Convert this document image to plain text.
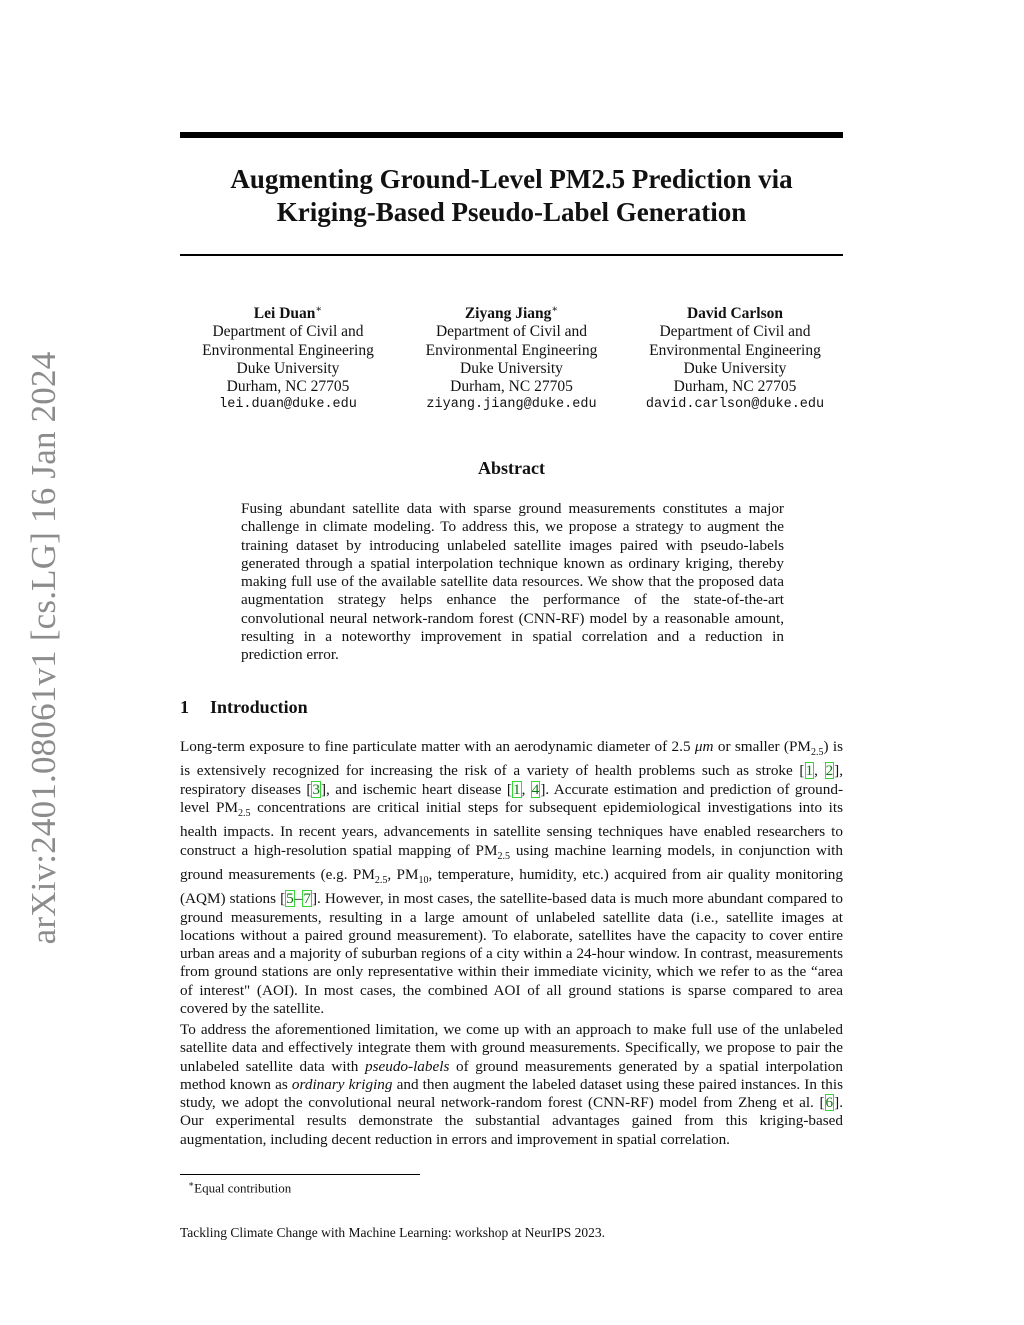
arXiv:2401.08061v1 [cs.LG] 16 Jan 2024
Augmenting Ground-Level PM2.5 Prediction via
Kriging-Based Pseudo-Label Generation
Lei Duan∗
Department of Civil and
Environmental Engineering
Duke University
Durham, NC 27705
lei.duan@duke.edu
Ziyang Jiang∗
Department of Civil and
Environmental Engineering
Duke University
Durham, NC 27705
ziyang.jiang@duke.edu
David Carlson
Department of Civil and
Environmental Engineering
Duke University
Durham, NC 27705
david.carlson@duke.edu
Abstract

Fusing abundant satellite data with sparse ground measurements constitutes a major challenge in climate modeling. To address this, we propose a strategy to augment the training dataset by introducing unlabeled satellite images paired with pseudo-labels generated through a spatial interpolation technique known as ordinary kriging, thereby making full use of the available satellite data resources. We show that the proposed data augmentation strategy helps enhance the performance of the state-of-the-art convolutional neural network-random forest (CNN-RF) model by a reasonable amount, resulting in a noteworthy improvement in spatial correlation and a reduction in prediction error.

1 Introduction

Long-term exposure to fine particulate matter with an aerodynamic diameter of 2.5 μm or smaller $(PM_{2.5})$ is is extensively recognized for increasing the risk of a variety of health problems such as stroke [1, 2], respiratory diseases [3], and ischemic heart disease [1, 4]. Accurate estimation and prediction of ground-level $PM_{2.5}$ concentrations are critical initial steps for subsequent epidemiological investigations into its health impacts. In recent years, advancements in satellite sensing techniques have enabled researchers to construct a high-resolution spatial mapping of $PM_{2.5}$ using machine learning models, in conjunction with ground measurements (e.g. $PM_{2.5}$, $PM_{10}$, temperature, humidity, etc.) acquired from air quality monitoring (AQM) stations [5–7]. However, in most cases, the satellite-based data is much more abundant compared to ground measurements, resulting in a large amount of unlabeled satellite data (i.e., satellite images at locations without a paired ground measurement). To elaborate, satellites have the capacity to cover entire urban areas and a majority of suburban regions of a city within a 24-hour window. In contrast, measurements from ground stations are only representative within their immediate vicinity, which we refer to as the “area of interest" (AOI). In most cases, the combined AOI of all ground stations is sparse compared to area covered by the satellite.

To address the aforementioned limitation, we come up with an approach to make full use of the unlabeled satellite data and effectively integrate them with ground measurements. Specifically, we propose to pair the unlabeled satellite data with pseudo-labels of ground measurements generated by a spatial interpolation method known as ordinary kriging and then augment the labeled dataset using these paired instances. In this study, we adopt the convolutional neural network-random forest (CNN-RF) model from Zheng et al. [6]. Our experimental results demonstrate the substantial advantages gained from this kriging-based augmentation, including decent reduction in errors and improvement in spatial correlation.

∗Equal contribution

Tackling Climate Change with Machine Learning: workshop at NeurIPS 2023.
